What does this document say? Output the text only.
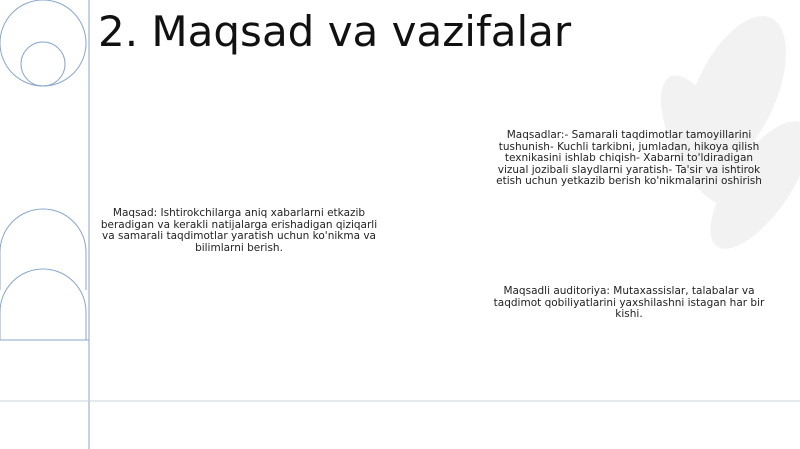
2. Maqsad va vazifalar
Maqsad: Ishtirokchilarga aniq xabarlarni etkazib beradigan va kerakli natijalarga erishadigan qiziqarli va samarali taqdimotlar yaratish uchun ko'nikma va bilimlarni berish.
Maqsadlar:- Samarali taqdimotlar tamoyillarini tushunish- Kuchli tarkibni, jumladan, hikoya qilish texnikasini ishlab chiqish- Xabarni to'ldiradigan vizual jozibali slaydlarni yaratish- Ta'sir va ishtirok etish uchun yetkazib berish ko'nikmalarini oshirish
Maqsadli auditoriya: Mutaxassislar, talabalar va taqdimot qobiliyatlarini yaxshilashni istagan har bir kishi.
